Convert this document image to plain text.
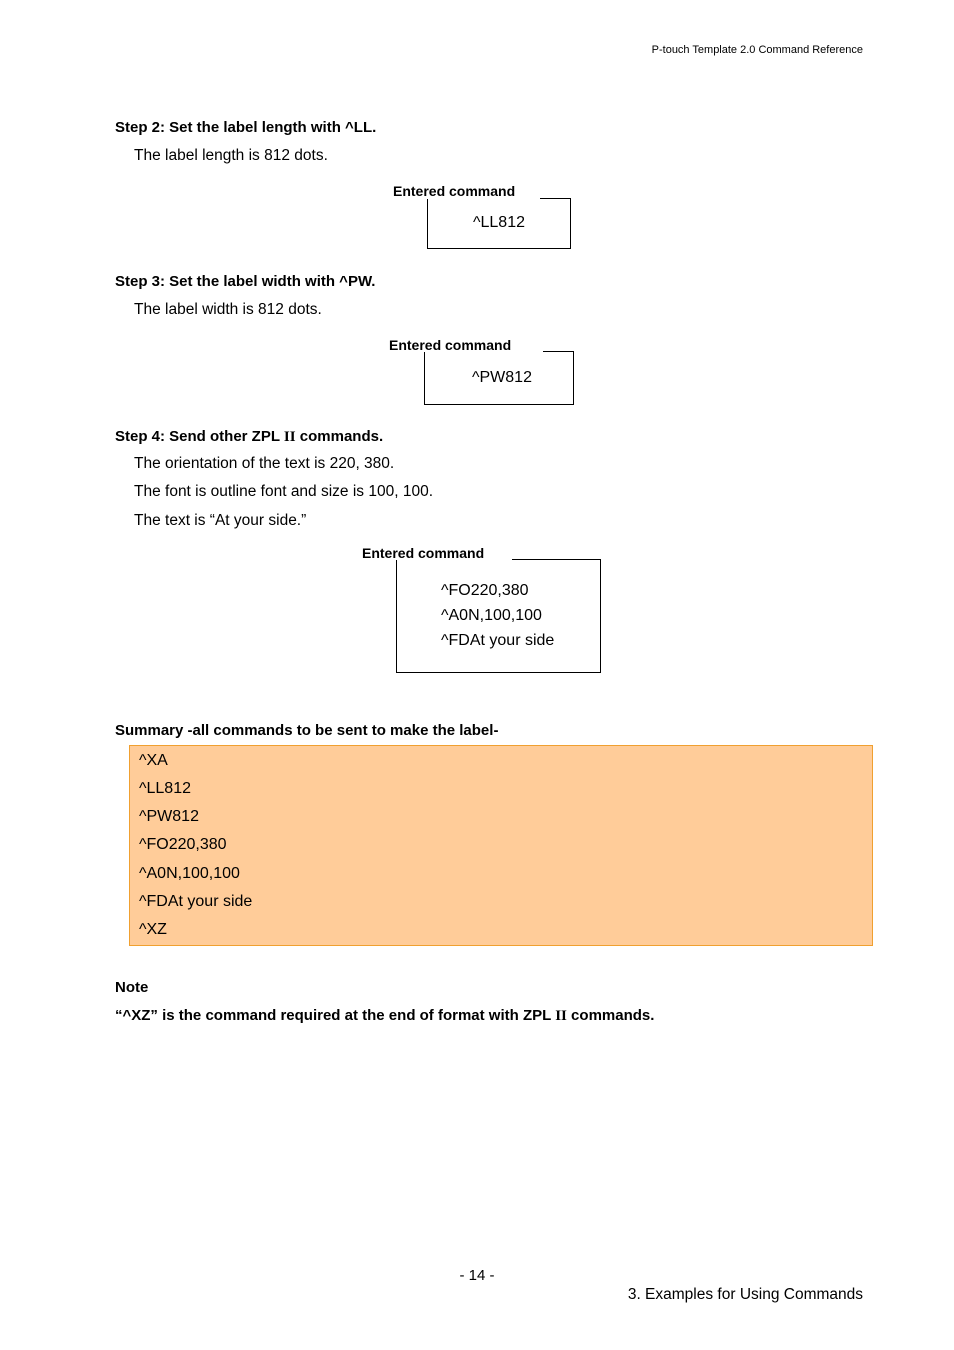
P-touch Template 2.0 Command Reference
Step 2: Set the label length with ^LL.
The label length is 812 dots.
Entered command
^LL812
Step 3: Set the label width with ^PW.
The label width is 812 dots.
Entered command
^PW812
Step 4: Send other ZPL II commands.
The orientation of the text is 220, 380.
The font is outline font and size is 100, 100.
The text is “At your side.”
Entered command
^FO220,380
^A0N,100,100
^FDAt your side
Summary -all commands to be sent to make the label-
^XA
^LL812
^PW812
^FO220,380
^A0N,100,100
^FDAt your side
^XZ
Note
“^XZ” is the command required at the end of format with ZPL II commands.
- 14 -
3. Examples for Using Commands
